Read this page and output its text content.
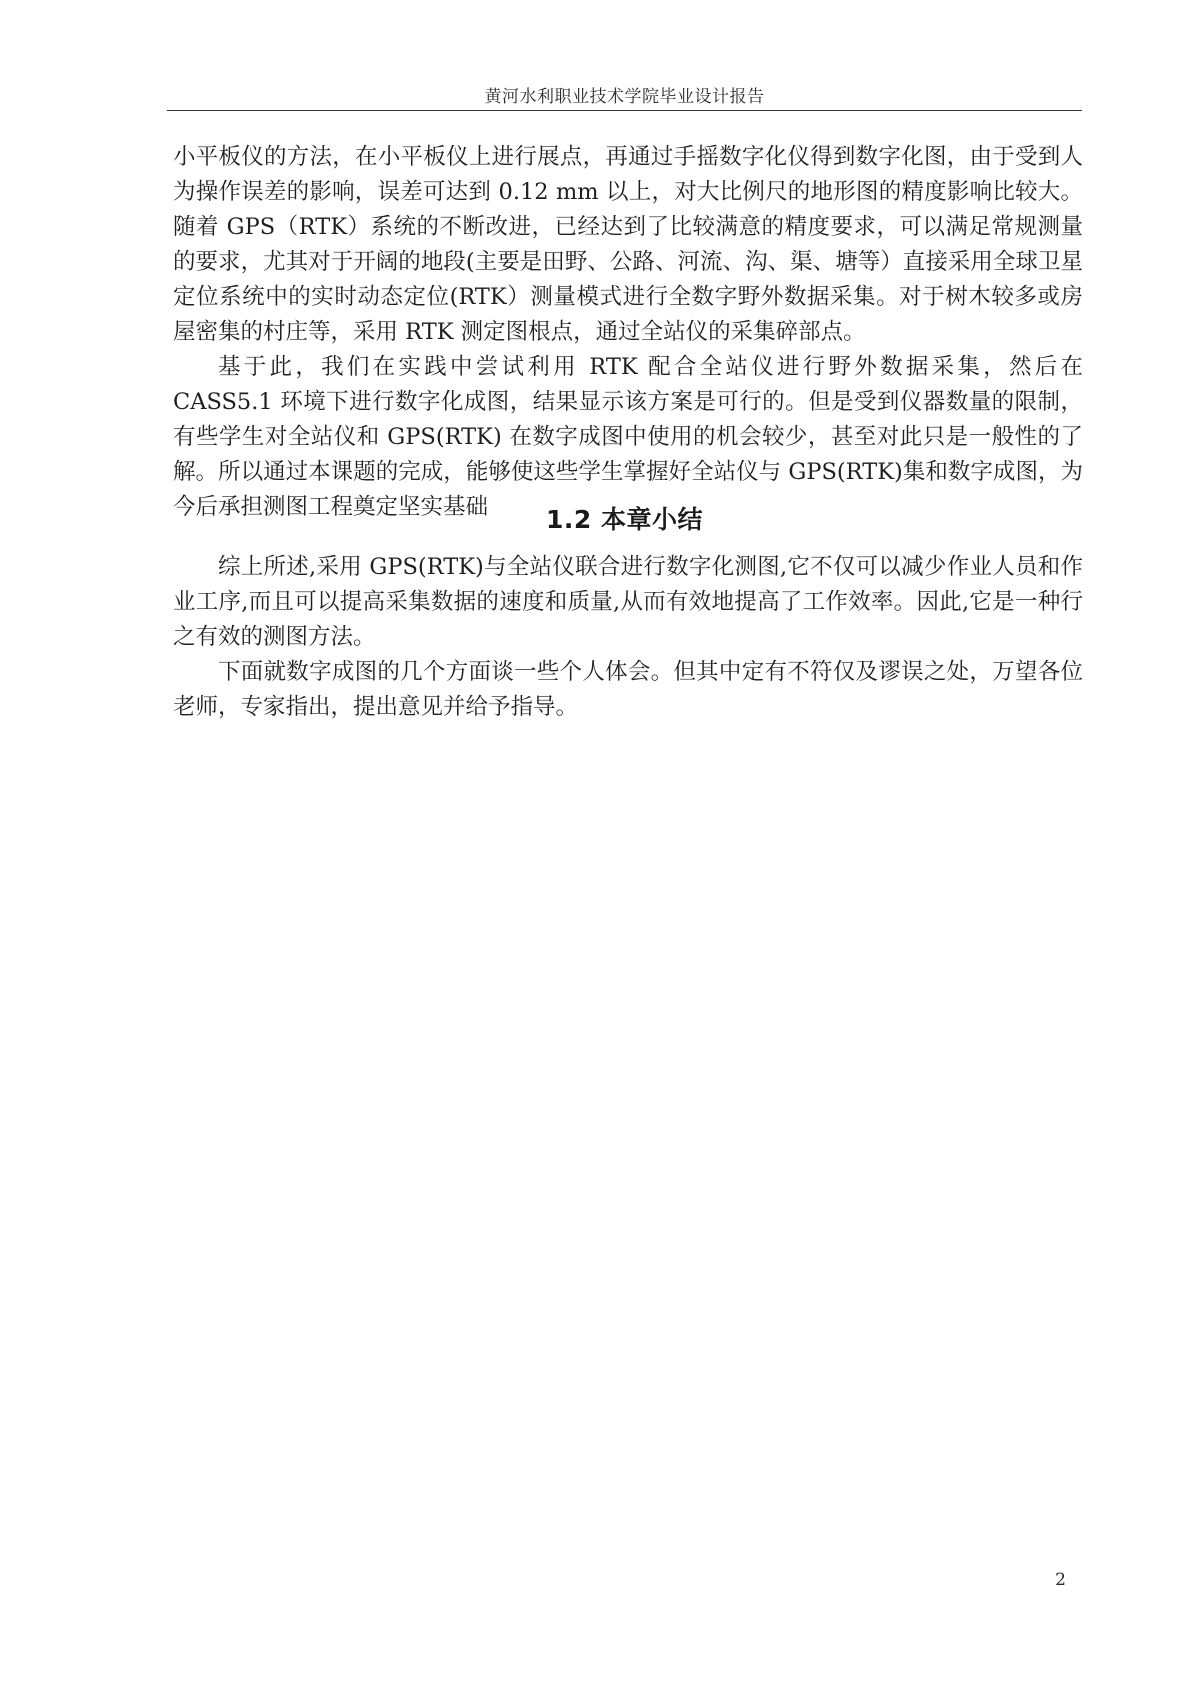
黄河水利职业技术学院毕业设计报告

小平板仪的方法，在小平板仪上进行展点，再通过手摇数字化仪得到数字化图，由于受到人为操作误差的影响，误差可达到 0.12 mm 以上，对大比例尺的地形图的精度影响比较大。随着 GPS（RTK）系统的不断改进，已经达到了比较满意的精度要求，可以满足常规测量的要求，尤其对于开阔的地段(主要是田野、公路、河流、沟、渠、塘等）直接采用全球卫星定位系统中的实时动态定位(RTK）测量模式进行全数字野外数据采集。对于树木较多或房屋密集的村庄等，采用 RTK 测定图根点，通过全站仪的采集碎部点。

基于此，我们在实践中尝试利用 RTK 配合全站仪进行野外数据采集，然后在 CASS5.1 环境下进行数字化成图，结果显示该方案是可行的。但是受到仪器数量的限制，有些学生对全站仪和 GPS(RTK) 在数字成图中使用的机会较少，甚至对此只是一般性的了解。所以通过本课题的完成，能够使这些学生掌握好全站仪与 GPS(RTK)集和数字成图，为今后承担测图工程奠定坚实基础	1.2 本章小结

综上所述,采用 GPS(RTK)与全站仪联合进行数字化测图,它不仅可以减少作业人员和作业工序,而且可以提高采集数据的速度和质量,从而有效地提高了工作效率。因此,它是一种行之有效的测图方法。

下面就数字成图的几个方面谈一些个人体会。但其中定有不符仅及谬误之处，万望各位老师，专家指出，提出意见并给予指导。

2
